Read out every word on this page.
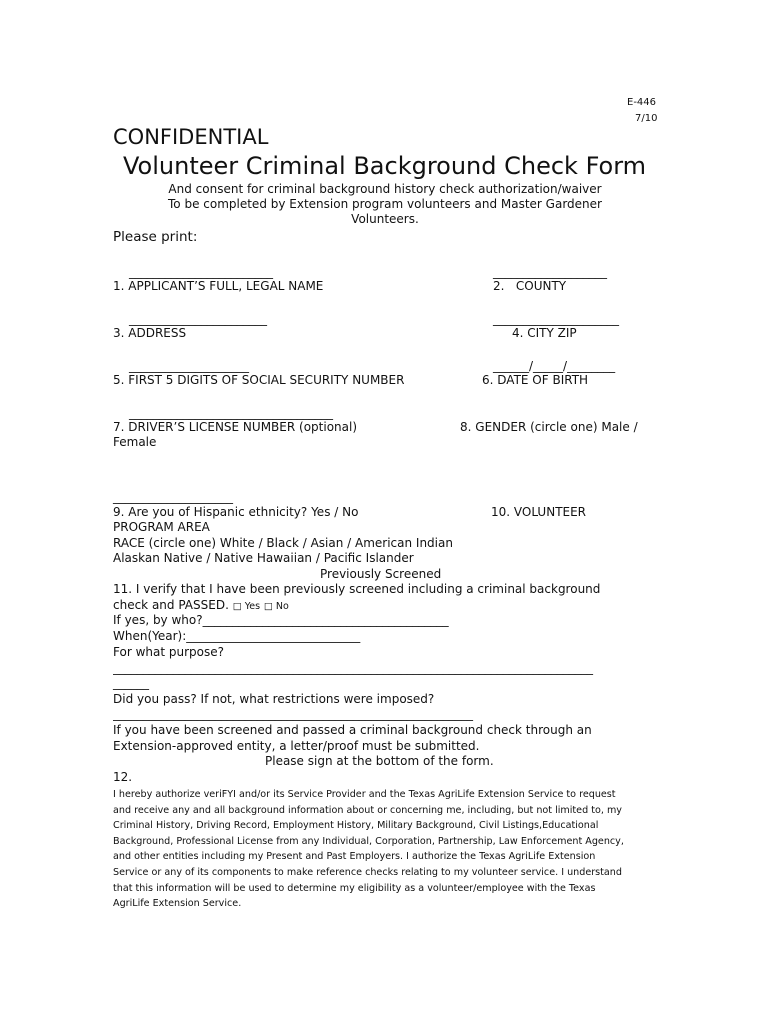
E-446
7/10
CONFIDENTIAL
Volunteer Criminal Background Check Form
And consent for criminal background history check authorization/waiver
To be completed by Extension program volunteers and Master Gardener
Volunteers.
Please print:
________________________
1. APPLICANT’S FULL, LEGAL NAME
___________________
2.   COUNTY
_______________________
3. ADDRESS
_____________________
4. CITY ZIP
____________________
5. FIRST 5 DIGITS OF SOCIAL SECURITY NUMBER
______/_____/________
6. DATE OF BIRTH
__________________________________
7. DRIVER’S LICENSE NUMBER (optional)	8. GENDER (circle one) Male /
Female
____________________
9. Are you of Hispanic ethnicity? Yes / No	10. VOLUNTEER
PROGRAM AREA
RACE (circle one) White / Black / Asian / American Indian
Alaskan Native / Native Hawaiian / Pacific Islander
Previously Screened
11. I verify that I have been previously screened including a criminal background
check and PASSED. □ Yes □ No
If yes, by who?_________________________________________
When(Year):_____________________________
For what purpose?
________________________________________________________________________________
______
Did you pass? If not, what restrictions were imposed?
____________________________________________________________
If you have been screened and passed a criminal background check through an
Extension-approved entity, a letter/proof must be submitted.
Please sign at the bottom of the form.
12.
I hereby authorize veriFYI and/or its Service Provider and the Texas AgriLife Extension Service to request
and receive any and all background information about or concerning me, including, but not limited to, my
Criminal History, Driving Record, Employment History, Military Background, Civil Listings,Educational
Background, Professional License from any Individual, Corporation, Partnership, Law Enforcement Agency,
and other entities including my Present and Past Employers. I authorize the Texas AgriLife Extension
Service or any of its components to make reference checks relating to my volunteer service. I understand
that this information will be used to determine my eligibility as a volunteer/employee with the Texas
AgriLife Extension Service.
